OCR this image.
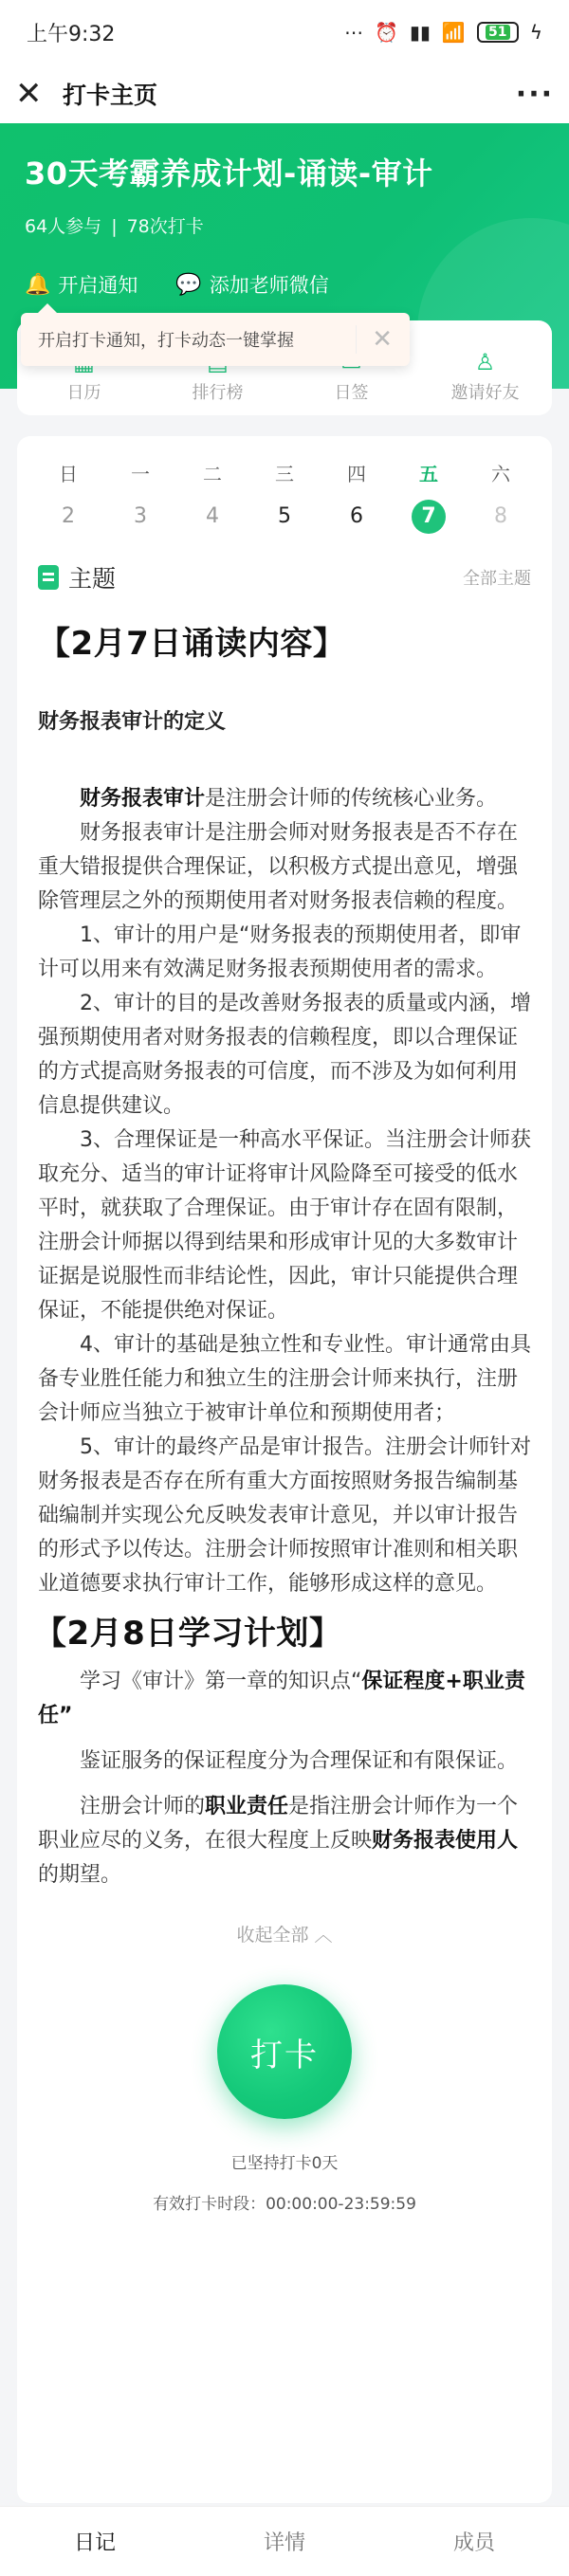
上午9:32	⋯ ⏰ ▮▮ 📶 51 ϟ
✕ 打卡主页	···
30天考霸养成计划-诵读-审计
64人参与 | 78次打卡
🔔 开启通知 💬 添加老师微信
日历	排行榜	日签
♙
邀请好友
开启打卡通知，打卡动态一键掌握	✕
日	一	二	三	四	五	六
2	3	4	5	6	7	8
主题	全部主题
【2月7日诵读内容】
财务报表审计的定义

财务报表审计是注册会计师的传统核心业务。

财务报表审计是注册会师对财务报表是否不存在重大错报提供合理保证，以积极方式提出意见，增强除管理层之外的预期使用者对财务报表信赖的程度。

1、审计的用户是“财务报表的预期使用者，即审计可以用来有效满足财务报表预期使用者的需求。

2、审计的目的是改善财务报表的质量或内涵，增强预期使用者对财务报表的信赖程度，即以合理保证的方式提高财务报表的可信度，而不涉及为如何利用信息提供建议。

3、合理保证是一种高水平保证。当注册会计师获取充分、适当的审计证将审计风险降至可接受的低水平时，就获取了合理保证。由于审计存在固有限制，注册会计师据以得到结果和形成审计见的大多数审计证据是说服性而非结论性，因此，审计只能提供合理保证，不能提供绝对保证。

4、审计的基础是独立性和专业性。审计通常由具备专业胜任能力和独立生的注册会计师来执行，注册会计师应当独立于被审计单位和预期使用者；

5、审计的最终产品是审计报告。注册会计师针对财务报表是否存在所有重大方面按照财务报告编制基础编制并实现公允反映发表审计意见，并以审计报告的形式予以传达。注册会计师按照审计准则和相关职业道德要求执行审计工作，能够形成这样的意见。

【2月8日学习计划】

学习《审计》第一章的知识点“保证程度+职业责任”

鉴证服务的保证程度分为合理保证和有限保证。

注册会计师的职业责任是指注册会计师作为一个职业应尽的义务，在很大程度上反映财务报表使用人的期望。

收起全部 ︿
打卡
已坚持打卡0天
有效打卡时段：00:00:00-23:59:59
日记	详情	成员
